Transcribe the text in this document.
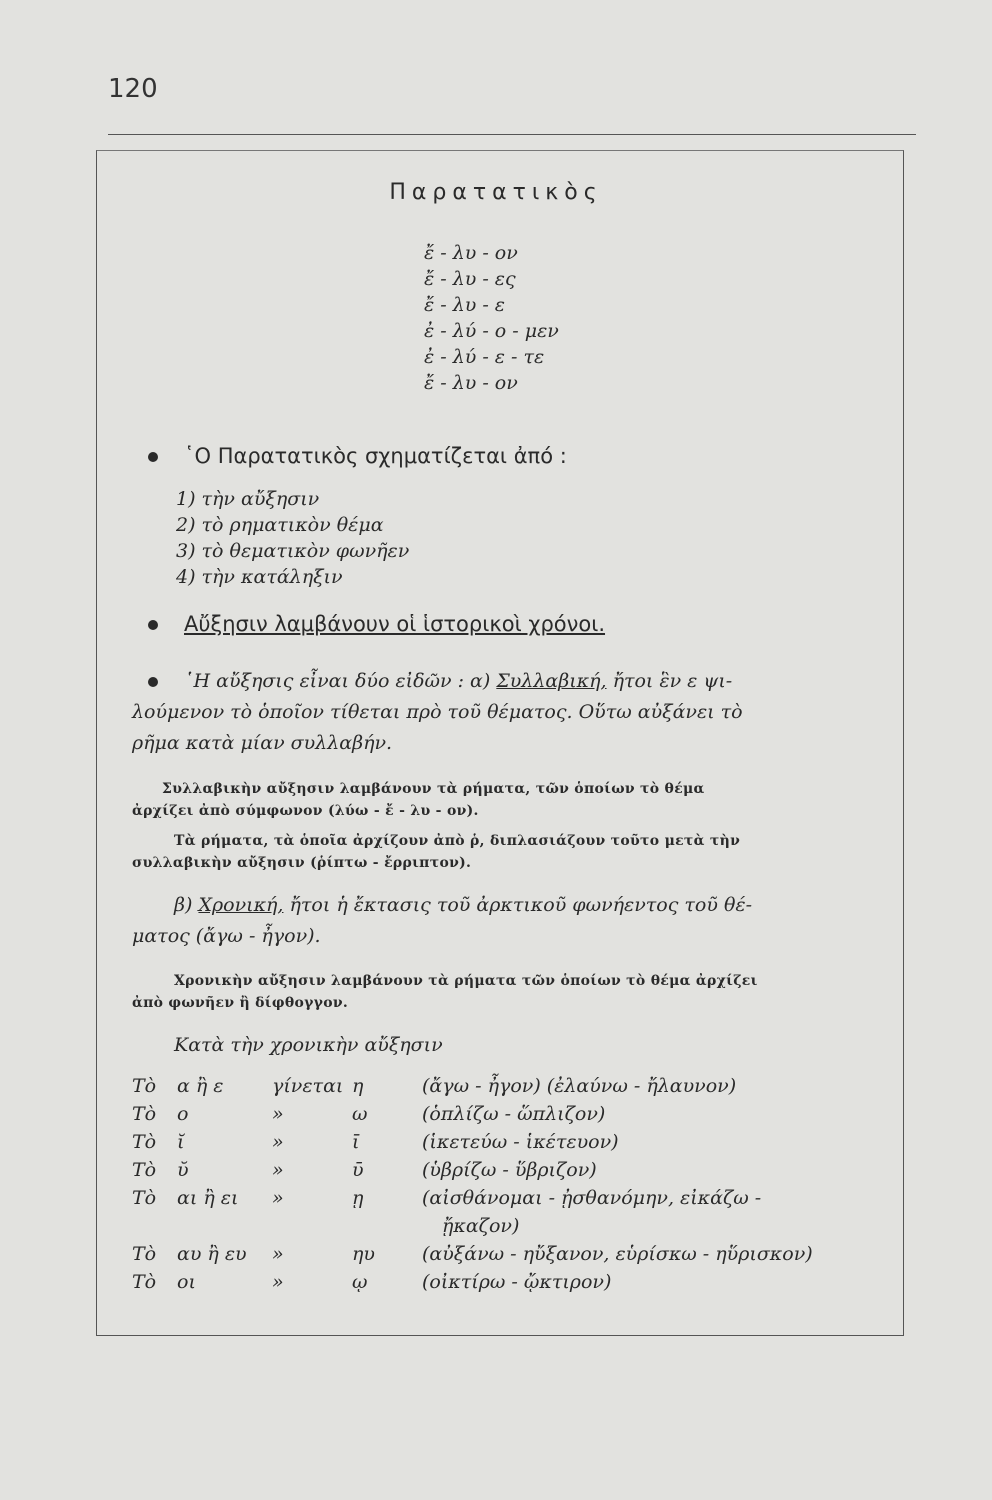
120
Παρατατικὸς
ἔ - λυ - ον
ἔ - λυ - ες
ἔ - λυ - ε
ἐ - λύ - ο - μεν
ἐ - λύ - ε - τε
ἔ - λυ - ον
῾Ο Παρατατικὸς σχηματίζεται ἀπό :
1) τὴν αὔξησιν
2) τὸ ρηματικὸν θέμα
3) τὸ θεματικὸν φωνῆεν
4) τὴν κατάληξιν
Αὔξησιν λαμβάνουν οἱ ἱστορικοὶ χρόνοι.
῾Η αὔξησις εἶναι δύο εἰδῶν : α) Συλλαβική, ἤτοι ἓν ε ψι-
λούμενον τὸ ὁποῖον τίθεται πρὸ τοῦ θέματος. Οὕτω αὐξάνει τὸ
ρῆμα κατὰ μίαν συλλαβήν.
Συλλαβικὴν αὔξησιν λαμβάνουν τὰ ρήματα, τῶν ὁποίων τὸ θέμα
ἀρχίζει ἀπὸ σύμφωνον (λύω - ἔ - λυ - ον).
Τὰ ρήματα, τὰ ὁποῖα ἀρχίζουν ἀπὸ ῥ, διπλασιάζουν τοῦτο μετὰ τὴν
συλλαβικὴν αὔξησιν (ῥίπτω - ἔρριπτον).
β) Χρονική, ἤτοι ἡ ἔκτασις τοῦ ἀρκτικοῦ φωνήεντος τοῦ θέ-
ματος (ἄγω - ἦγον).
Χρονικὴν αὔξησιν λαμβάνουν τὰ ρήματα τῶν ὁποίων τὸ θέμα ἀρχίζει
ἀπὸ φωνῆεν ἢ δίφθογγον.
Κατὰ τὴν χρονικὴν αὔξησιν
Τὸ	α ἢ ε	γίνεται η	(ἄγω - ἦγον) (ἐλαύνω - ἤλαυνον)
Τὸ	ο	»	ω	(ὁπλίζω - ὥπλιζον)
Τὸ	ῐ	»	ῑ	(ἱκετεύω - ἱκέτευον)
Τὸ	ῠ	»	ῡ	(ὑβρίζω - ὕβριζον)
Τὸ	αι ἢ ει	»	ῃ	(αἰσθάνομαι - ᾐσθανόμην, εἰκάζω -
ᾔκαζον)
Τὸ	αυ ἢ ευ	»	ηυ	(αὐξάνω - ηὔξανον, εὑρίσκω - ηὕρισκον)
Τὸ	οι	»	ῳ	(οἰκτίρω - ᾤκτιρον)
